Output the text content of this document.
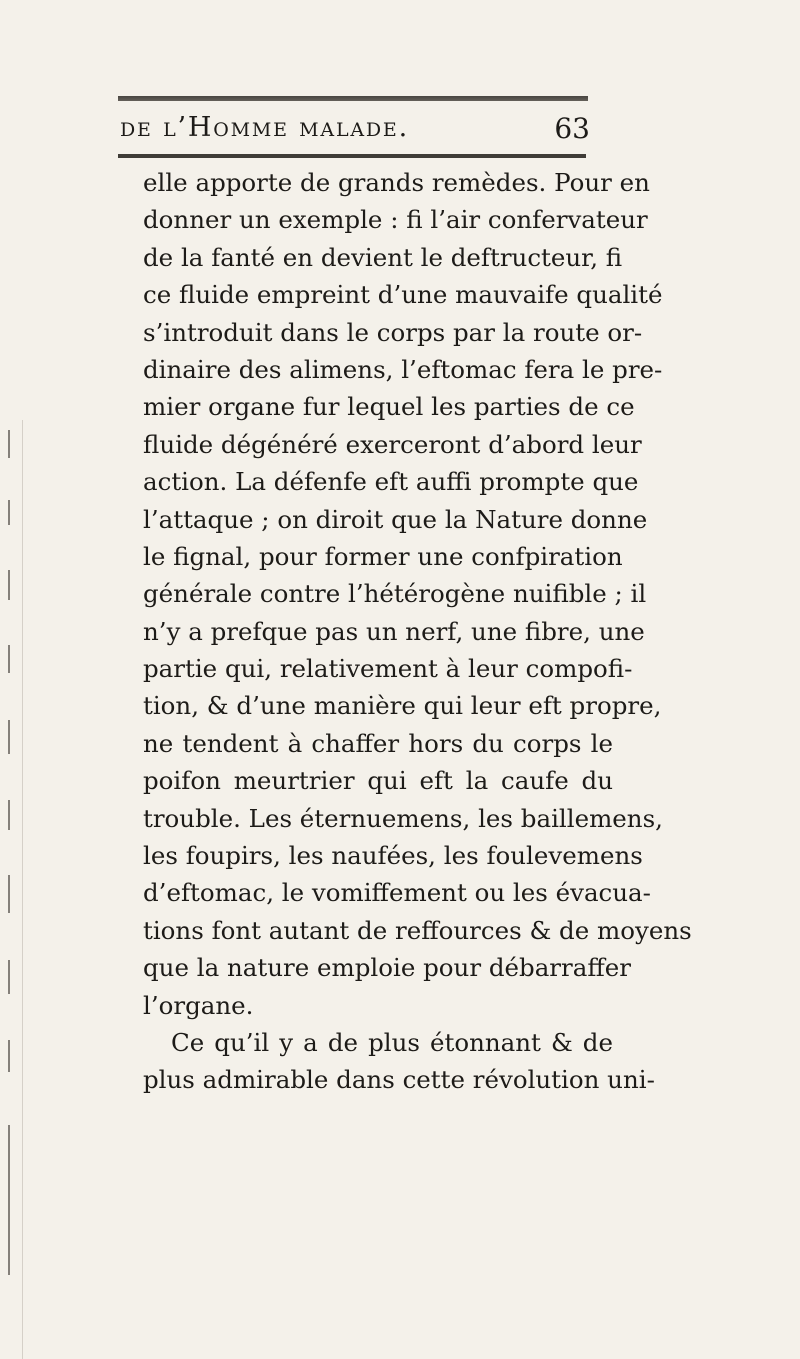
de l’Homme malade.	63
elle apporte de grands remèdes. Pour en
donner un exemple : fi l’air confervateur
de la fanté en devient le deftructeur, fi
ce fluide empreint d’une mauvaife qualité
s’introduit dans le corps par la route or-
dinaire des alimens, l’eftomac fera le pre-
mier organe fur lequel les parties de ce
fluide dégénéré exerceront d’abord leur
action. La défenfe eft auffi prompte que
l’attaque ; on diroit que la Nature donne
le fignal, pour former une confpiration
générale contre l’hétérogène nuifible ; il
n’y a prefque pas un nerf, une fibre, une
partie qui, relativement à leur compofi-
tion, & d’une manière qui leur eft propre,
ne tendent à chaffer hors du corps le
poifon meurtrier qui eft la caufe du
trouble. Les éternuemens, les baillemens,
les foupirs, les naufées, les foulevemens
d’eftomac, le vomiffement ou les évacua-
tions font autant de reffources & de moyens
que la nature emploie pour débarraffer
l’organe.
Ce qu’il y a de plus étonnant & de
plus admirable dans cette révolution uni-
